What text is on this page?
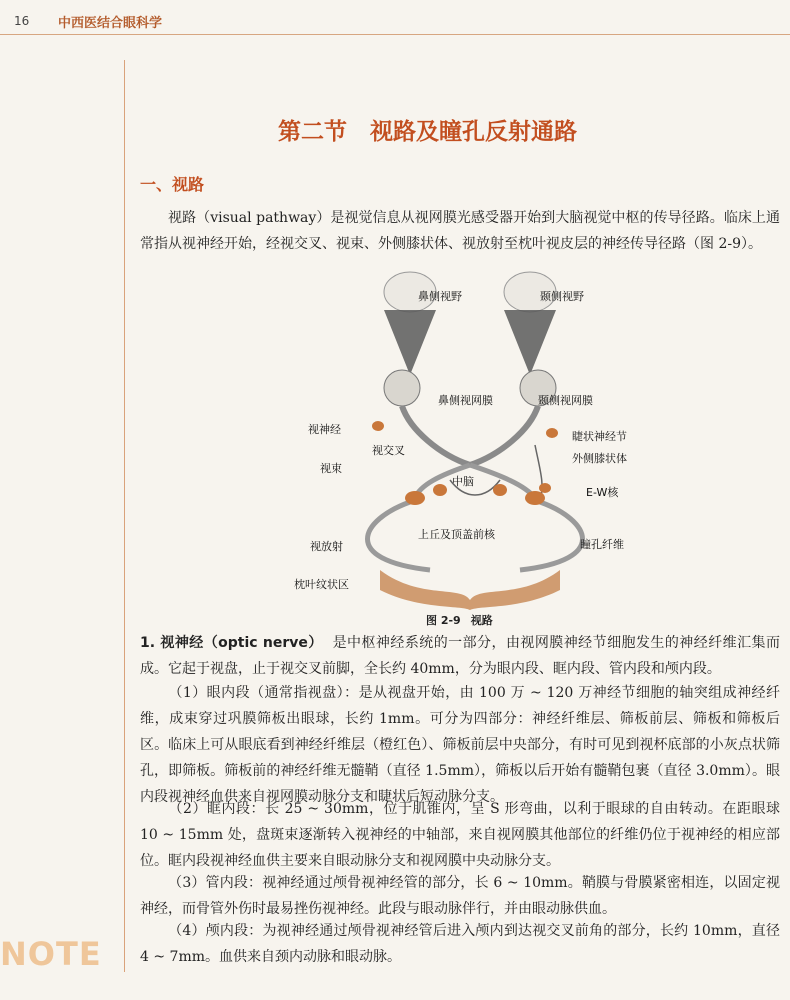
16 中西医结合眼科学
NOTE
第二节　视路及瞳孔反射通路
一、视路
视路（visual pathway）是视觉信息从视网膜光感受器开始到大脑视觉中枢的传导径路。临床上通常指从视神经开始，经视交叉、视束、外侧膝状体、视放射至枕叶视皮层的神经传导径路（图 2-9）。
鼻侧视野	颞侧视野
鼻侧视网膜	颞侧视网膜
视神经
睫状神经节
视交叉
外侧膝状体
视束
中脑
E-W核
上丘及顶盖前核
视放射	瞳孔纤维
枕叶纹状区
图 2-9 视路
1. 视神经（optic nerve） 是中枢神经系统的一部分，由视网膜神经节细胞发生的神经纤维汇集而成。它起于视盘，止于视交叉前脚，全长约 40mm，分为眼内段、眶内段、管内段和颅内段。
（1）眼内段（通常指视盘）：是从视盘开始，由 100 万 ~ 120 万神经节细胞的轴突组成神经纤维，成束穿过巩膜筛板出眼球，长约 1mm。可分为四部分：神经纤维层、筛板前层、筛板和筛板后区。临床上可从眼底看到神经纤维层（橙红色）、筛板前层中央部分，有时可见到视杯底部的小灰点状筛孔，即筛板。筛板前的神经纤维无髓鞘（直径 1.5mm），筛板以后开始有髓鞘包裹（直径 3.0mm）。眼内段视神经血供来自视网膜动脉分支和睫状后短动脉分支。
（2）眶内段：长 25 ~ 30mm，位于肌锥内，呈 S 形弯曲，以利于眼球的自由转动。在距眼球 10 ~ 15mm 处，盘斑束逐渐转入视神经的中轴部，来自视网膜其他部位的纤维仍位于视神经的相应部位。眶内段视神经血供主要来自眼动脉分支和视网膜中央动脉分支。
（3）管内段：视神经通过颅骨视神经管的部分，长 6 ~ 10mm。鞘膜与骨膜紧密相连，以固定视神经，而骨管外伤时最易挫伤视神经。此段与眼动脉伴行，并由眼动脉供血。
（4）颅内段：为视神经通过颅骨视神经管后进入颅内到达视交叉前角的部分，长约 10mm，直径 4 ~ 7mm。血供来自颈内动脉和眼动脉。
